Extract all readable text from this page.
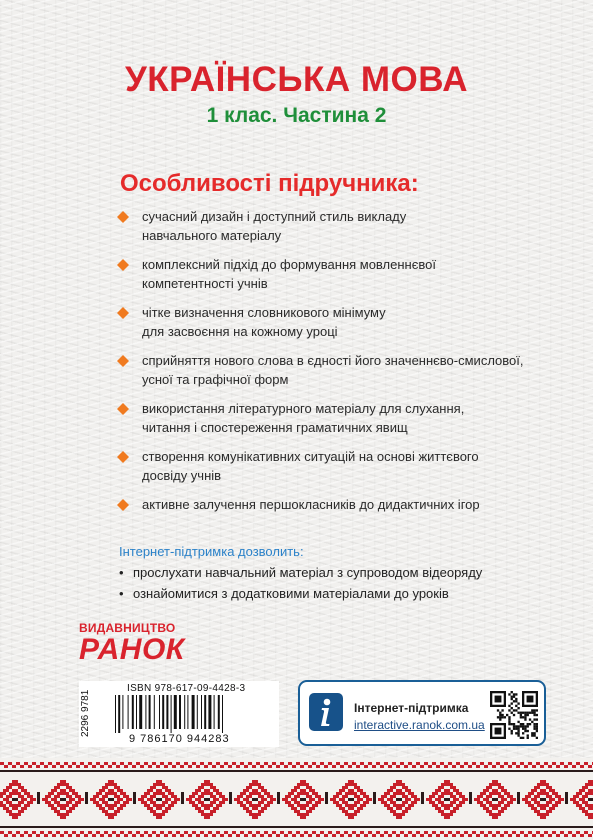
УКРАЇНСЬКА МОВА
1 клас. Частина 2
Особливості підручника:
сучасний дизайн і доступний стиль викладу
навчального матеріалу
комплексний підхід до формування мовленнєвої
компетентності учнів
чітке визначення словникового мінімуму
для засвоєння на кожному уроці
сприйняття нового слова в єдності його значеннєво-смислової,
усної та графічної форм
використання літературного матеріалу для слухання,
читання і спостереження граматичних явищ
створення комунікативних ситуацій на основі життєвого
досвіду учнів
активне залучення першокласників до дидактичних ігор
Інтернет-підтримка дозволить:
• прослухати навчальний матеріал з супроводом відеоряду
• ознайомитися з додатковими матеріалами до уроків
ВИДАВНИЦТВО
РАНОК
2296 9781
ISBN 978-617-09-4428-3
9 786170 944283
Інтернет-підтримка
interactive.ranok.com.ua
